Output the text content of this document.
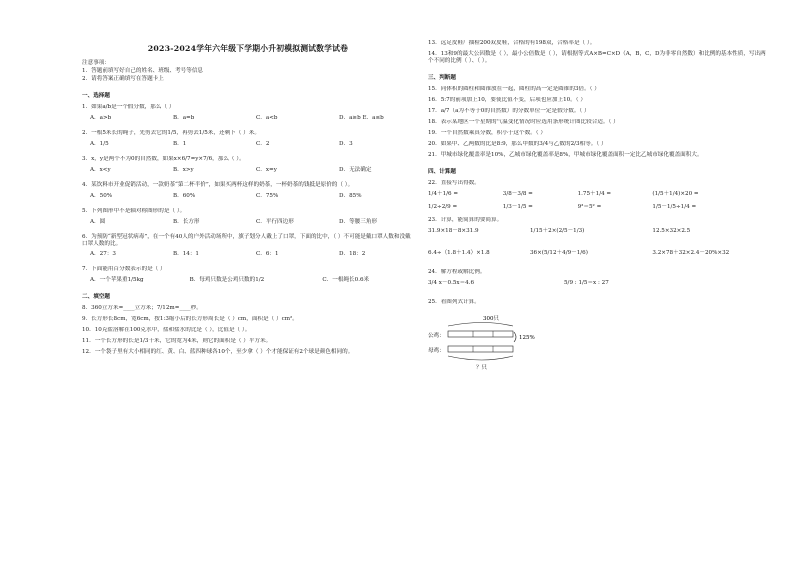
2023-2024学年六年级下学期小升初模拟测试数学试卷
注意事项：
1．答题前填写好自己的姓名、班级、考号等信息
2．请将答案正确填写在答题卡上
一、选择题
1．如果a/b是一个假分数，那么（ ）
A．a>b	B．a=b	C．a<b	D．a≥b E．a≤b
2．一根5米长的绳子，先剪去它的1/5，再剪去1/5米，还剩下（ ）米。
A．1/5	B．1	C．2	D．3
3．x，y是两个不为0的自然数，如果x×6/7=y×7/6，那么（ ）。
A．x<y	B．x>y	C．x=y	D．无法确定
4．某饮料市开业促销活动，一款奶茶“第二杯半价”，如果买两杯这样的奶茶，一杯奶茶的钱抵是原价的（ ）。
A．50%	B．60%	C．75%	D．85%
5．下列图形中不是轴对称图形的是（ ）。
A．圆	B．长方形	C．平行四边形	D．等腰三角形
6．为预防“新型冠状病毒”，在一个有40人的户外活动场所中，旗子划分人戴上了口罩，下面的比中，（ ）不可能是戴口罩人数和没戴口罩人数的比。
A．27：3	B．14：1	C．6：1	D．18：2
7．下面能用百分数表示的是（ ）
A．一个苹果重1/5kg	B．每鸡只数是公鸡只数的1/2	C．一根绳长0.6米
二、填空题
8．360立方米=____立方米；7/12m=____秒。
9．长方形长8cm，宽6cm，按1:3缩小后的长方形周长是（ ）cm，面积是（ ）cm²。
10．10克盐溶解在100克水中，盐和盐水的比是（ ），比值是（ ）。
11．一个长方形的长是1/3千米，它的宽为4米，则它的面积是（ ）平方米。
12．一个袋子里有大小相同的红、黄、白、蓝四种球各10个，至少拿（ ）个才能保证有2个球是颜色相同的。
13．远足皮鞋厂抽检200双皮鞋，合格的有198双，合格率是（ ）。
14．13和9的最大公因数是（ ），最小公倍数是（ ），请根据等式A×B=C×D（A，B，C，D为非零自然数）和比例的基本性质，写出两个不同的比例（ ）、（ ）。
三、判断题
15．同体积的圆柱和圆锥放在一起，圆柱的高一定是圆锥的3倍。（ ）
16．5:7的前项加上10，要使比值不变，后项也应加上10。（ ）
17．a/7（a为不等于0的自然数）的分数单位一定是假分数。（ ）
18．表示某地区一个星期的气温变化情况时应选用条形统计图比较合适。（ ）
19．一个自然数乘真分数，积小于这个数。（ ）
20．如果甲、乙两数的比是8:9，那么甲数的3/4与乙数的2/3相等。（ ）
21．甲城市绿化覆盖率是10%，乙城市绿化覆盖率是8%，甲城市绿化覆盖面积一定比乙城市绿化覆盖面积大。
四、计算题
22．直接写出得数。
1/4＋1/6 =	3/8－3/8 =	1.75＋1/4 =	(1/5＋1/4)×20 =
1/2÷2/9 =	1/3－1/5 =	9³＝5² =	1/5－1/5÷1/4 =
23．计算，能简算的要简算。
31.9×18－8×31.9	1/15＋2×(2/5－1/3)	12.5×32×2.5
6.4÷（1.8＋1.4）×1.8	36×(5/12＋4/9－1/6)	3.2×78＋32×2.4－20%×32
24．解方程或解比例。
3/4 x－0.5x＝4.6	5/9 : 1/5＝x : 27
25．看图列式计算。
300只
公鸡：	125%
母鸡：
？只
